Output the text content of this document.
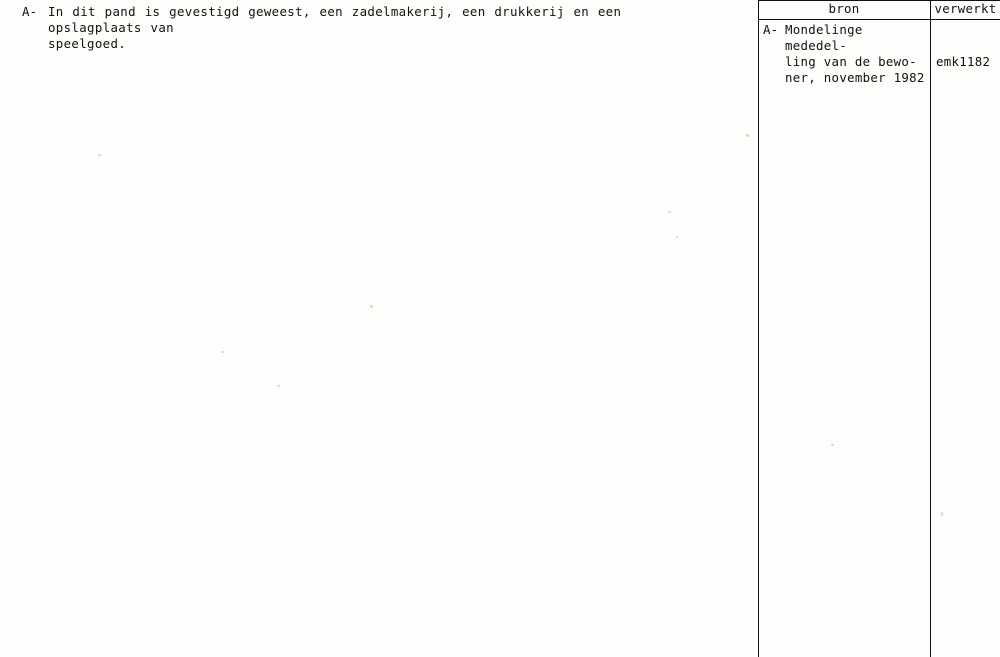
A- In dit pand is gevestigd geweest, een zadelmakerij, een drukkerij en een opslagplaats van
speelgoed.
bron	verwerkt
A- Mondelinge mededel-
ling van de bewo-
ner, november 1982
emk1182
